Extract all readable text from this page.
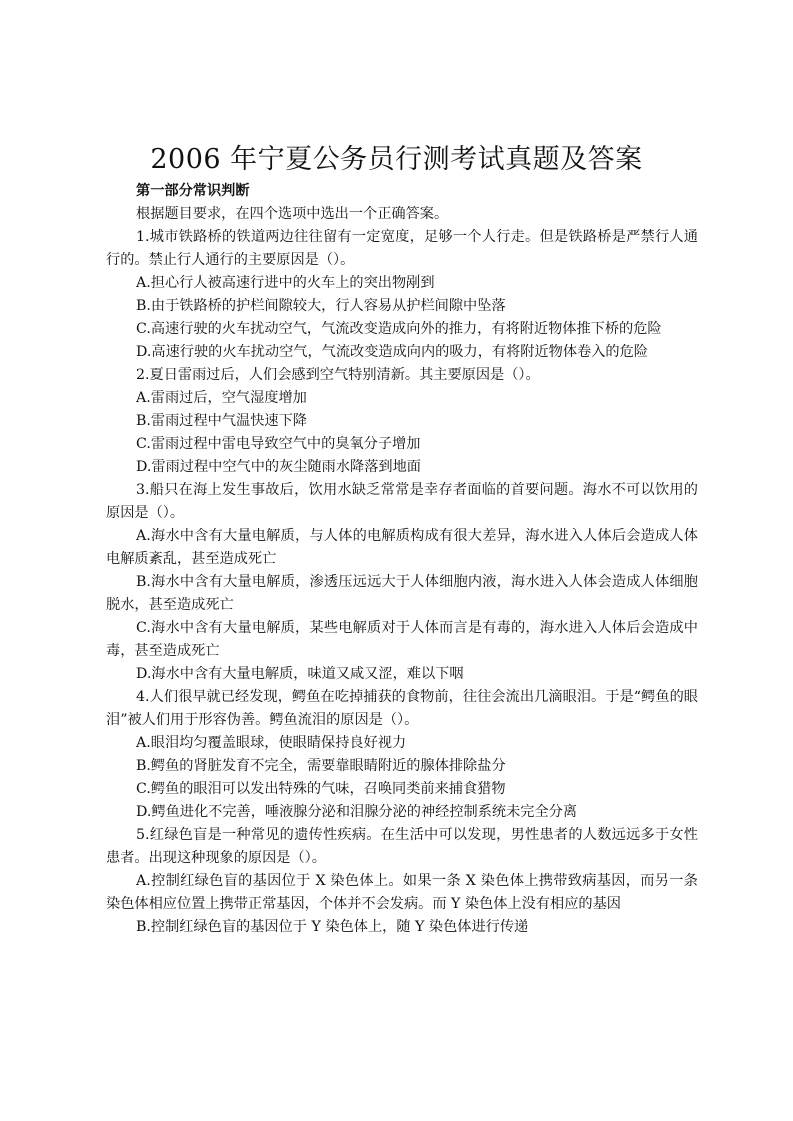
2006 年宁夏公务员行测考试真题及答案

第一部分常识判断

根据题目要求，在四个选项中选出一个正确答案。

1.城市铁路桥的铁道两边往往留有一定宽度，足够一个人行走。但是铁路桥是严禁行人通行的。禁止行人通行的主要原因是（）。

A.担心行人被高速行进中的火车上的突出物剐到

B.由于铁路桥的护栏间隙较大，行人容易从护栏间隙中坠落

C.高速行驶的火车扰动空气，气流改变造成向外的推力，有将附近物体推下桥的危险

D.高速行驶的火车扰动空气，气流改变造成向内的吸力，有将附近物体卷入的危险

2.夏日雷雨过后，人们会感到空气特别清新。其主要原因是（）。

A.雷雨过后，空气湿度增加

B.雷雨过程中气温快速下降

C.雷雨过程中雷电导致空气中的臭氧分子增加

D.雷雨过程中空气中的灰尘随雨水降落到地面

3.船只在海上发生事故后，饮用水缺乏常常是幸存者面临的首要问题。海水不可以饮用的原因是（）。

A.海水中含有大量电解质，与人体的电解质构成有很大差异，海水进入人体后会造成人体电解质紊乱，甚至造成死亡

B.海水中含有大量电解质，渗透压远远大于人体细胞内液，海水进入人体会造成人体细胞脱水，甚至造成死亡

C.海水中含有大量电解质，某些电解质对于人体而言是有毒的，海水进入人体后会造成中毒，甚至造成死亡

D.海水中含有大量电解质，味道又咸又涩，难以下咽

4.人们很早就已经发现，鳄鱼在吃掉捕获的食物前，往往会流出几滴眼泪。于是“鳄鱼的眼泪”被人们用于形容伪善。鳄鱼流泪的原因是（）。

A.眼泪均匀覆盖眼球，使眼睛保持良好视力

B.鳄鱼的肾脏发育不完全，需要靠眼睛附近的腺体排除盐分

C.鳄鱼的眼泪可以发出特殊的气味，召唤同类前来捕食猎物

D.鳄鱼进化不完善，唾液腺分泌和泪腺分泌的神经控制系统未完全分离

5.红绿色盲是一种常见的遗传性疾病。在生活中可以发现，男性患者的人数远远多于女性患者。出现这种现象的原因是（）。

A.控制红绿色盲的基因位于 X 染色体上。如果一条 X 染色体上携带致病基因，而另一条染色体相应位置上携带正常基因，个体并不会发病。而 Y 染色体上没有相应的基因

B.控制红绿色盲的基因位于 Y 染色体上，随 Y 染色体进行传递
